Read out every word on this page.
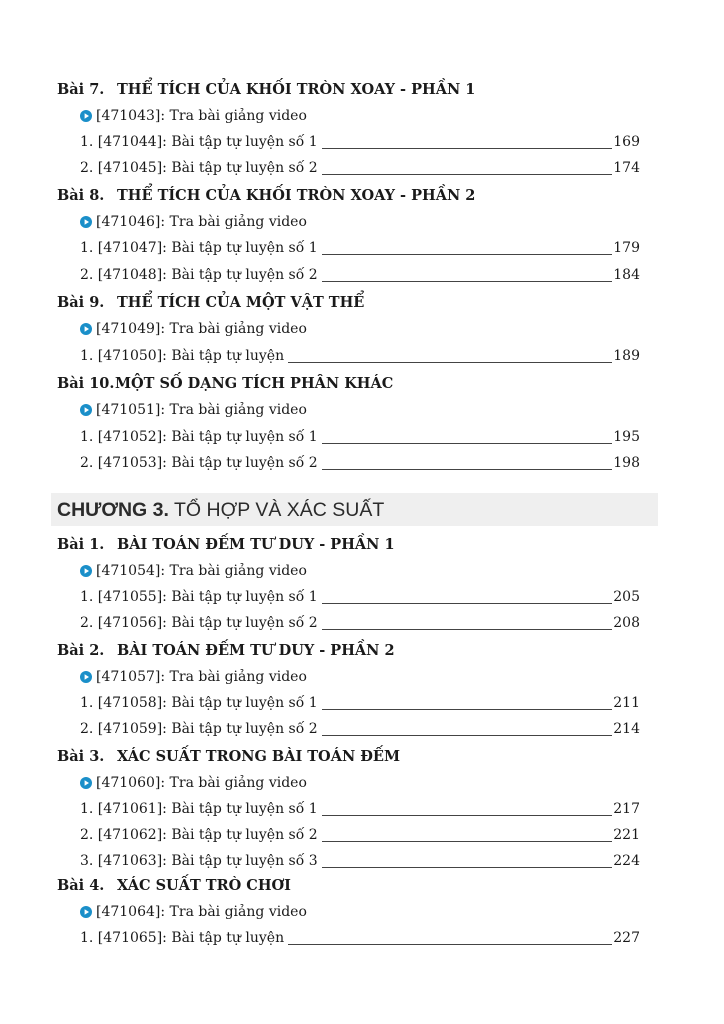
Bài 7. THỂ TÍCH CỦA KHỐI TRÒN XOAY - PHẦN 1
[471043]: Tra bài giảng video
1. [471044]: Bài tập tự luyện số 1	169
2. [471045]: Bài tập tự luyện số 2	174
Bài 8. THỂ TÍCH CỦA KHỐI TRÒN XOAY - PHẦN 2
[471046]: Tra bài giảng video
1. [471047]: Bài tập tự luyện số 1	179
2. [471048]: Bài tập tự luyện số 2	184
Bài 9. THỂ TÍCH CỦA MỘT VẬT THỂ
[471049]: Tra bài giảng video
1. [471050]: Bài tập tự luyện	189
Bài 10. MỘT SỐ DẠNG TÍCH PHÂN KHÁC
[471051]: Tra bài giảng video
1. [471052]: Bài tập tự luyện số 1	195
2. [471053]: Bài tập tự luyện số 2	198
CHƯƠNG 3. TỔ HỢP VÀ XÁC SUẤT
Bài 1. BÀI TOÁN ĐẾM TƯ DUY - PHẦN 1
[471054]: Tra bài giảng video
1. [471055]: Bài tập tự luyện số 1	205
2. [471056]: Bài tập tự luyện số 2	208
Bài 2. BÀI TOÁN ĐẾM TƯ DUY - PHẦN 2
[471057]: Tra bài giảng video
1. [471058]: Bài tập tự luyện số 1	211
2. [471059]: Bài tập tự luyện số 2	214
Bài 3. XÁC SUẤT TRONG BÀI TOÁN ĐẾM
[471060]: Tra bài giảng video
1. [471061]: Bài tập tự luyện số 1	217
2. [471062]: Bài tập tự luyện số 2	221
3. [471063]: Bài tập tự luyện số 3	224
Bài 4. XÁC SUẤT TRÒ CHƠI
[471064]: Tra bài giảng video
1. [471065]: Bài tập tự luyện	227
